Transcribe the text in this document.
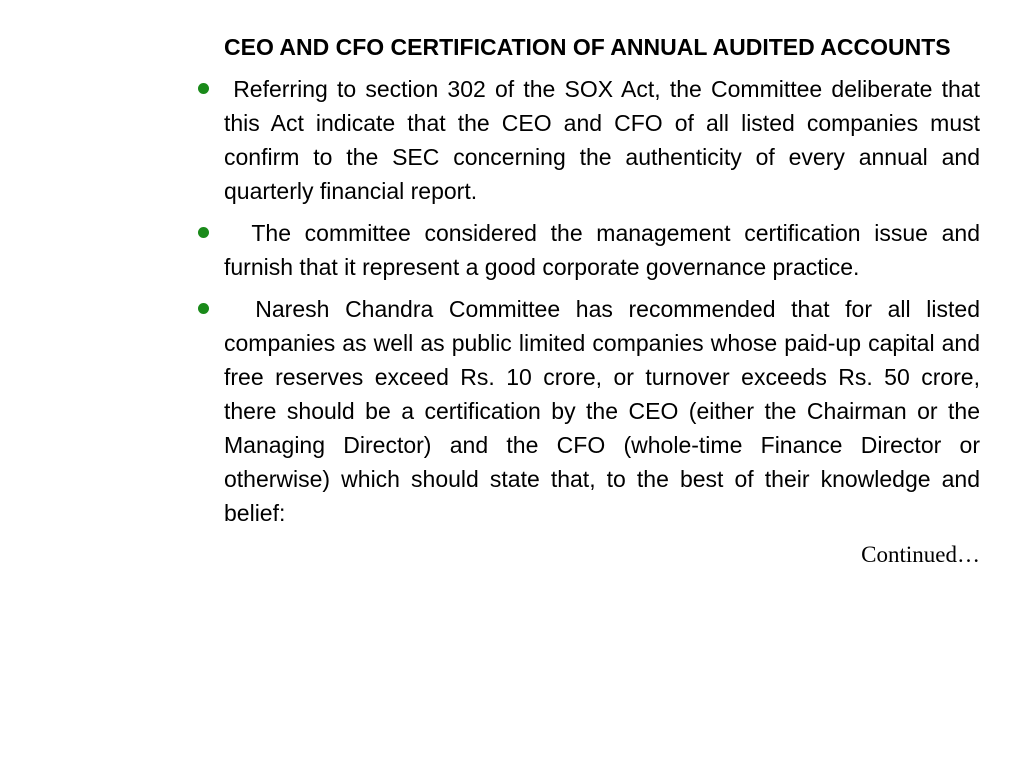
CEO AND CFO CERTIFICATION OF ANNUAL AUDITED ACCOUNTS
Referring to section 302 of the SOX Act, the Committee deliberate that this Act indicate that the CEO and CFO of all listed companies must confirm to the SEC concerning the authenticity of every annual and quarterly financial report.
The committee considered the management certification issue and furnish that it represent a good corporate governance practice.
Naresh Chandra Committee has recommended that for all listed companies as well as public limited companies whose paid-up capital and free reserves exceed Rs. 10 crore, or turnover exceeds Rs. 50 crore, there should be a certification by the CEO (either the Chairman or the Managing Director) and the CFO (whole-time Finance Director or otherwise) which should state that, to the best of their knowledge and belief:
Continued…
